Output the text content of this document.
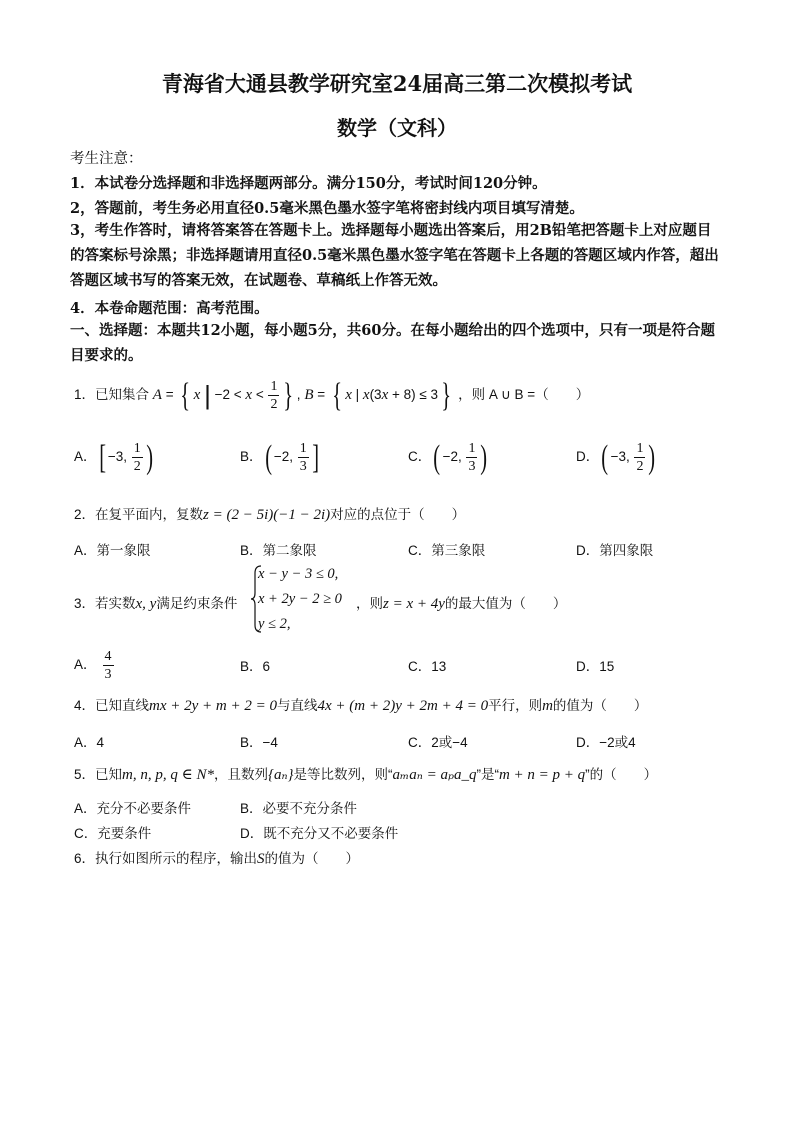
青海省大通县教学研究室24届高三第二次模拟考试
数学（文科）
考生注意：
1．本试卷分选择题和非选择题两部分。满分150分，考试时间120分钟。
2，答题前，考生务必用直径0.5毫米黑色墨水签字笔将密封线内项目填写清楚。
3，考生作答时，请将答案答在答题卡上。选择题每小题选出答案后，用2B铅笔把答题卡上对应题目的答案标号涂黑；非选择题请用直径0.5毫米黑色墨水签字笔在答题卡上各题的答题区域内作答，超出答题区域书写的答案无效，在试题卷、草稿纸上作答无效。
4．本卷命题范围：高考范围。
一、选择题：本题共12小题，每小题5分，共60分。在每小题给出的四个选项中，只有一项是符合题目要求的。
1．已知集合 A = { x | $-2 < x < \frac{1}{2}$ } , B = { x | x(3x + 8) ≤ 3} ，则 A ∪ B =（　　）
A．[ −3, $\frac{1}{2}$ )	B．( −2, $\frac{1}{3}$ ]	C．( −2, $\frac{1}{3}$ )	D．( −3, $\frac{1}{2}$ )
2．在复平面内，复数z = (2 − 5i)(−1 − 2i)对应的点位于（　　）
A．第一象限	B．第二象限	C．第三象限	D．第四象限
3．若实数x, y满足约束条件
x − y − 3 ≤ 0,
x + 2y − 2 ≥ 0
y ≤ 2,
，则z = x + 4y的最大值为（　　）
A． $\frac{4}{3}$	B．6	C．13	D．15
4．已知直线mx + 2y + m + 2 = 0与直线4x + (m + 2)y + 2m + 4 = 0平行，则m的值为（　　）
A．4	B．−4	C．2或−4	D．−2或4
5．已知m, n, p, q ∈ N*，且数列{aₙ}是等比数列，则“aₘaₙ = aₚa_q”是“m + n = p + q”的（　　）
A．充分不必要条件	B．必要不充分条件
C．充要条件	D．既不充分又不必要条件
6．执行如图所示的程序，输出S的值为（　　）
